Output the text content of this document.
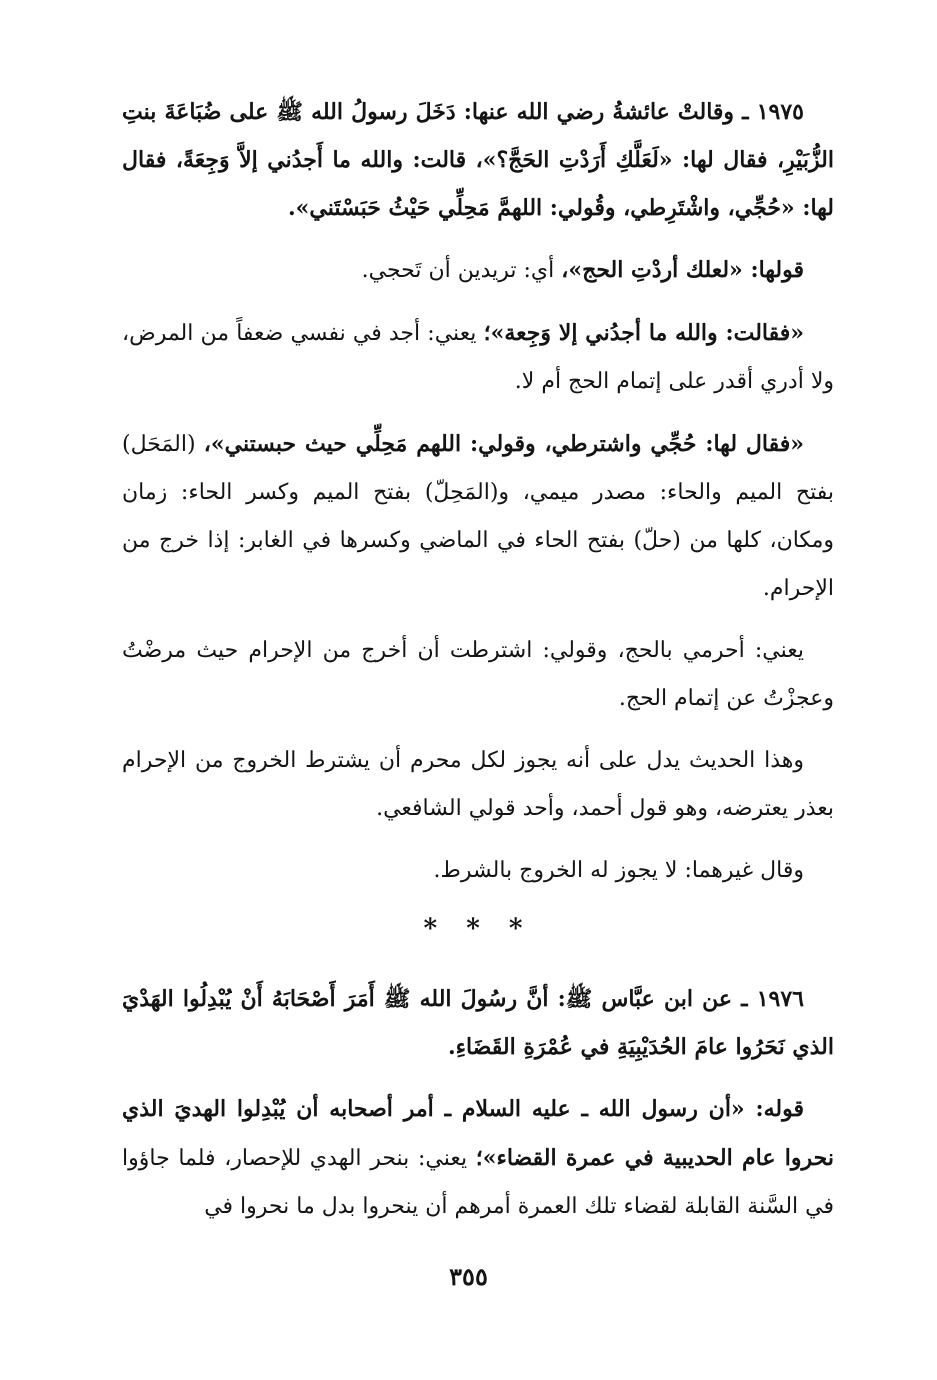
١٩٧٥ ـ وقالتْ عائشةُ رضي الله عنها: دَخَلَ رسولُ الله ﷺ على ضُبَاعَةَ بنتِ الزُّبَيْرِ، فقال لها: «لَعَلَّكِ أَرَدْتِ الحَجَّ؟»، قالت: والله ما أَجدُني إلاَّ وَجِعَةً، فقال لها: «حُجِّي، واشْتَرِطي، وقُولي: اللهمَّ مَحِلِّي حَيْثُ حَبَسْتَني».

قولها: «لعلك أردْتِ الحج»، أي: تريدين أن تَحجي.

«فقالت: والله ما أجدُني إلا وَجِعة»؛ يعني: أجد في نفسي ضعفاً من المرض، ولا أدري أقدر على إتمام الحج أم لا.

«فقال لها: حُجِّي واشترطي، وقولي: اللهم مَحِلِّي حيث حبستني»، (المَحَل) بفتح الميم والحاء: مصدر ميمي، و(المَحِلّ) بفتح الميم وكسر الحاء: زمان ومكان، كلها من (حلّ) بفتح الحاء في الماضي وكسرها في الغابر: إذا خرج من الإحرام.

يعني: أحرمي بالحج، وقولي: اشترطت أن أخرج من الإحرام حيث مرضْتُ وعجزْتُ عن إتمام الحج.

وهذا الحديث يدل على أنه يجوز لكل محرم أن يشترط الخروج من الإحرام بعذر يعترضه، وهو قول أحمد، وأحد قولي الشافعي.

وقال غيرهما: لا يجوز له الخروج بالشرط.

* * *

١٩٧٦ ـ عن ابن عبَّاس ﷺ: أنَّ رسُولَ الله ﷺ أَمَرَ أَصْحَابَهُ أَنْ يُبْدِلُوا الهَدْيَ الذي نَحَرُوا عامَ الحُدَيْبِيَةِ في عُمْرَةِ القَضَاءِ.

قوله: «أن رسول الله ـ عليه السلام ـ أمر أصحابه أن يُبْدِلوا الهديَ الذي نحروا عام الحديبية في عمرة القضاء»؛ يعني: بنحر الهدي للإحصار، فلما جاؤوا في السَّنة القابلة لقضاء تلك العمرة أمرهم أن ينحروا بدل ما نحروا في

٣٥٥
